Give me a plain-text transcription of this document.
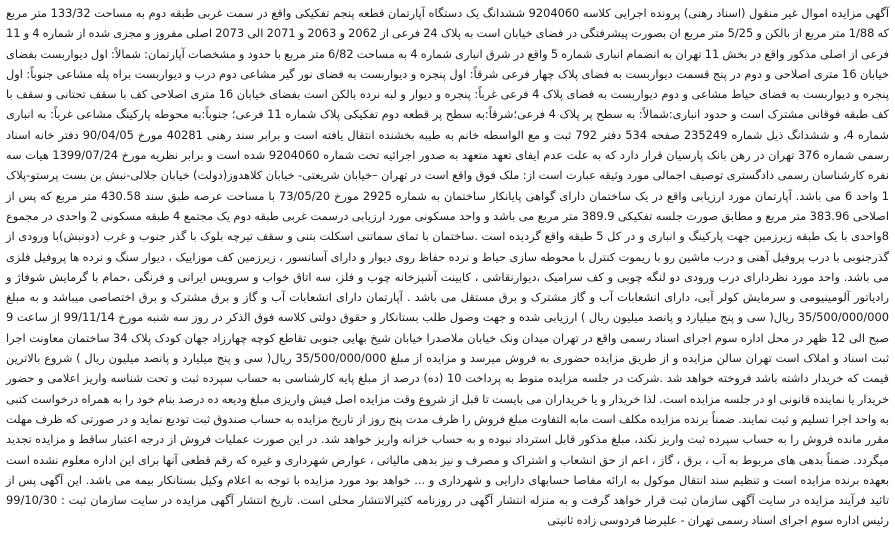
آگهی مزایده اموال غیر منقول (اسناد رهنی) پرونده اجرایی کلاسه 9204060 ششدانگ یک دستگاه آپارتمان قطعه پنجم تفکیکی واقع در سمت غربی طبقه دوم به مساحت 133/32 متر مربع که 1/88 متر مربع از بالکن و 5/25 متر مربع ان بصورت پیشرفتگی در فضای خیابان است به پلاک 24 فرعی از 2062 و 2063 و 2071 الی 2073 اصلی مفروز و مجزی شده از شماره 4 و 11 فرعی از اصلی مذکور واقع در بخش 11 تهران به انضمام انباری شماره 5 واقع در شرق انباری شماره 4 به مساحت 6/82 متر مربع با حدود و مشخصات آپارتمان: شمالاً: اول دیواربست بفضای خیابان 16 متری اصلاحی و دوم در پنج قسمت دیواربست به فضای پلاک چهار فرعی شرقاً: اول پنجره و دیواربست به فضای نور گیر مشاعی دوم درب و دیواربست براه پله مشاعی جنوباً: اول پنجره و دیواربست به فضای حیاط مشاعی و دوم دیواربست به فضای پلاک 4 فرعی غرباً: پنجره و دیوار و لبه نرده بالکن است بفضای خیابان 16 متری اصلاحی کف با سقف تحتانی و سقف با کف طبقه فوقانی مشترک است و حدود انباری:شمالاً: به سطح پر پلاک 4 فرعی؛شرقاً:به سطح پر قطعه دوم تفکیکی پلاک شماره 11 فرعی؛ جنوباً:به محوطه پارکینگ مشاعی غرباً: به انباری شماره 4، و ششدانگ ذیل شماره 235249 صفحه 534 دفتر 792 ثبت و مع الواسطه خانم به طیبه بخشنده انتقال یافته است و برابر سند رهنی 40281 مورخ 90/04/05 دفتر خانه اسناد رسمی شماره 376 تهران در رهن بانک پارسیان قرار دارد که به علت عدم ایفای تعهد متعهد به صدور اجرائیه تحت شماره 9204060 شده است و برابر نظریه مورخ 1399/07/24 هیات سه نفره کارشناسان رسمی دادگستری توصیف اجمالی مورد وثیقه عبارت است از: ملک فوق واقع است در تهران –خیابان شریعتی- خیابان کلاهدوز(دولت) خیابان جلالی-نبش بن بست پرستو-پلاک 1 واحد 6 می باشد. آپارتمان مورد ارزیابی واقع در یک ساختمان دارای گواهی پایانکار ساختمان به شماره 2925 مورخ 73/05/20 با مساحت عرصه طبق سند 430.58 متر مربع که پس از اصلاحی 383.96 متر مربع و مطابق صورت جلسه تفکیکی 389.9 متر مربع می باشد و واحد مسکونی مورد ارزیابی درسمت غربی طبقه دوم یک مجتمع 4 طبقه مسکونی 2 واحدی در مجموع 8واحدی با یک طبقه زیرزمین جهت پارکینگ و انباری و در کل 5 طبقه واقع گردیده است .ساختمان با تمای سماتنی اسکلت بتنی و سقف تیرچه بلوک با گذر جنوب و غرب (دونبش)با ورودی از گذرجنوبی با درب پروفیل آهنی و درب ماشین رو با ریموت کنترل با محوطه سازی حیاط و نرده حفاظ روی دیوار و دارای آسانسور ، زیرزمین کف موزاییک ، دیوار سنگ و نرده ها پروفیل فلزی می باشد. واحد مورد نظردارای درب ورودی دو لنگه چوبی و کف سرامیک ،دیوارنقاشی ، کابینت آشپزخانه چوب و فلز، سه اتاق خواب و سرویس ایرانی و فرنگی ،حمام با گرمایش شوفاژ و رادیاتور آلومینیومی و سرمایش کولر آبی، دارای انشعابات آب و گاز مشترک و برق مستقل می باشد . آپارتمان دارای انشعابات آب و گاز و برق مشترک و برق اختصاصی میباشد و به مبلغ 35/500/000/000 ریال( سی و پنج میلیارد و پانصد میلیون ریال ) ارزیابی شده و جهت وصول طلب بستانکار و حقوق دولتی کلاسه فوق الذکر در روز سه شنبه مورخ 99/11/14 از ساعت 9 صبح الی 12 ظهر در محل اداره سوم اجرای اسناد رسمی واقع در تهران میدان ونک خیابان ملاصدرا خیابان شیخ بهایی جنوبی تقاطع کوچه چهارزاد جهان کودک پلاک 34 ساختمان معاونت اجرا ثبت اسناد و املاک است تهران سالن مزایده و از طریق مزایده حضوری به فروش میرسد و مزایده از مبلغ 35/500/000/000 ریال( سی و پنج میلیارد و پانصد میلیون ریال ) شروع بالاترین قیمت که خریدار داشته باشد فروخته خواهد شد .شرکت در جلسه مزایده منوط به پرداخت 10 (ده) درصد از مبلغ پایه کارشناسی به حساب سپرده ثبت و تحت شناسه واریز اعلامی و حضور خریدار یا نماینده قانونی او در جلسه مزایده است. لذا خریدار و یا خریداران می بایست تا قبل از شروع وقت مزایده اصل فیش واریزی مبلغ ودیعه ده درصد بنام خود را به همراه درخواست کتبی به واحد اجرا تسلیم و ثبت نمایند. ضمناً برنده مزایده مکلف است مابه التفاوت مبلغ فروش را ظرف مدت پنج روز از تاریخ مزایده به حساب صندوق ثبت تودیع نماید و در صورتی که ظرف مهلت مقرر مانده فروش را به حساب سپرده ثبت واریز نکند، مبلغ مذکور قابل استرداد نبوده و به حساب خزانه واریز خواهد شد. در این صورت عملیات فروش از درجه اعتبار ساقط و مزایده تجدید میگردد. ضمناً بدهی های مربوط به آب ، برق ، گاز ، اعم از حق انشعاب و اشتراک و مصرف و نیز بدهی مالیاتی ، عوارض شهرداری و غیره که رقم قطعی آنها برای این اداره معلوم نشده است بعهده برنده مزایده است و تنظیم سند انتقال موکول به ارائه مفاصا حسابهای دارایی و شهرداری و ... خواهد بود مورد مزایده با توجه به اعلام وکیل بستانکار بیمه می باشد. این آگهی پس از تائید فرآیند مزایده در سایت آگهی سازمان ثبت قرار خواهد گرفت و به منزله انتشار آگهی در روزنامه کثیرالانتشار محلی است. تاریخ انتشار آگهی مزایده در سایت سازمان ثبت : 99/10/30 رئیس اداره سوم اجرای اسناد رسمی تهران - علیرضا فردوسی زاده ثانیتی
